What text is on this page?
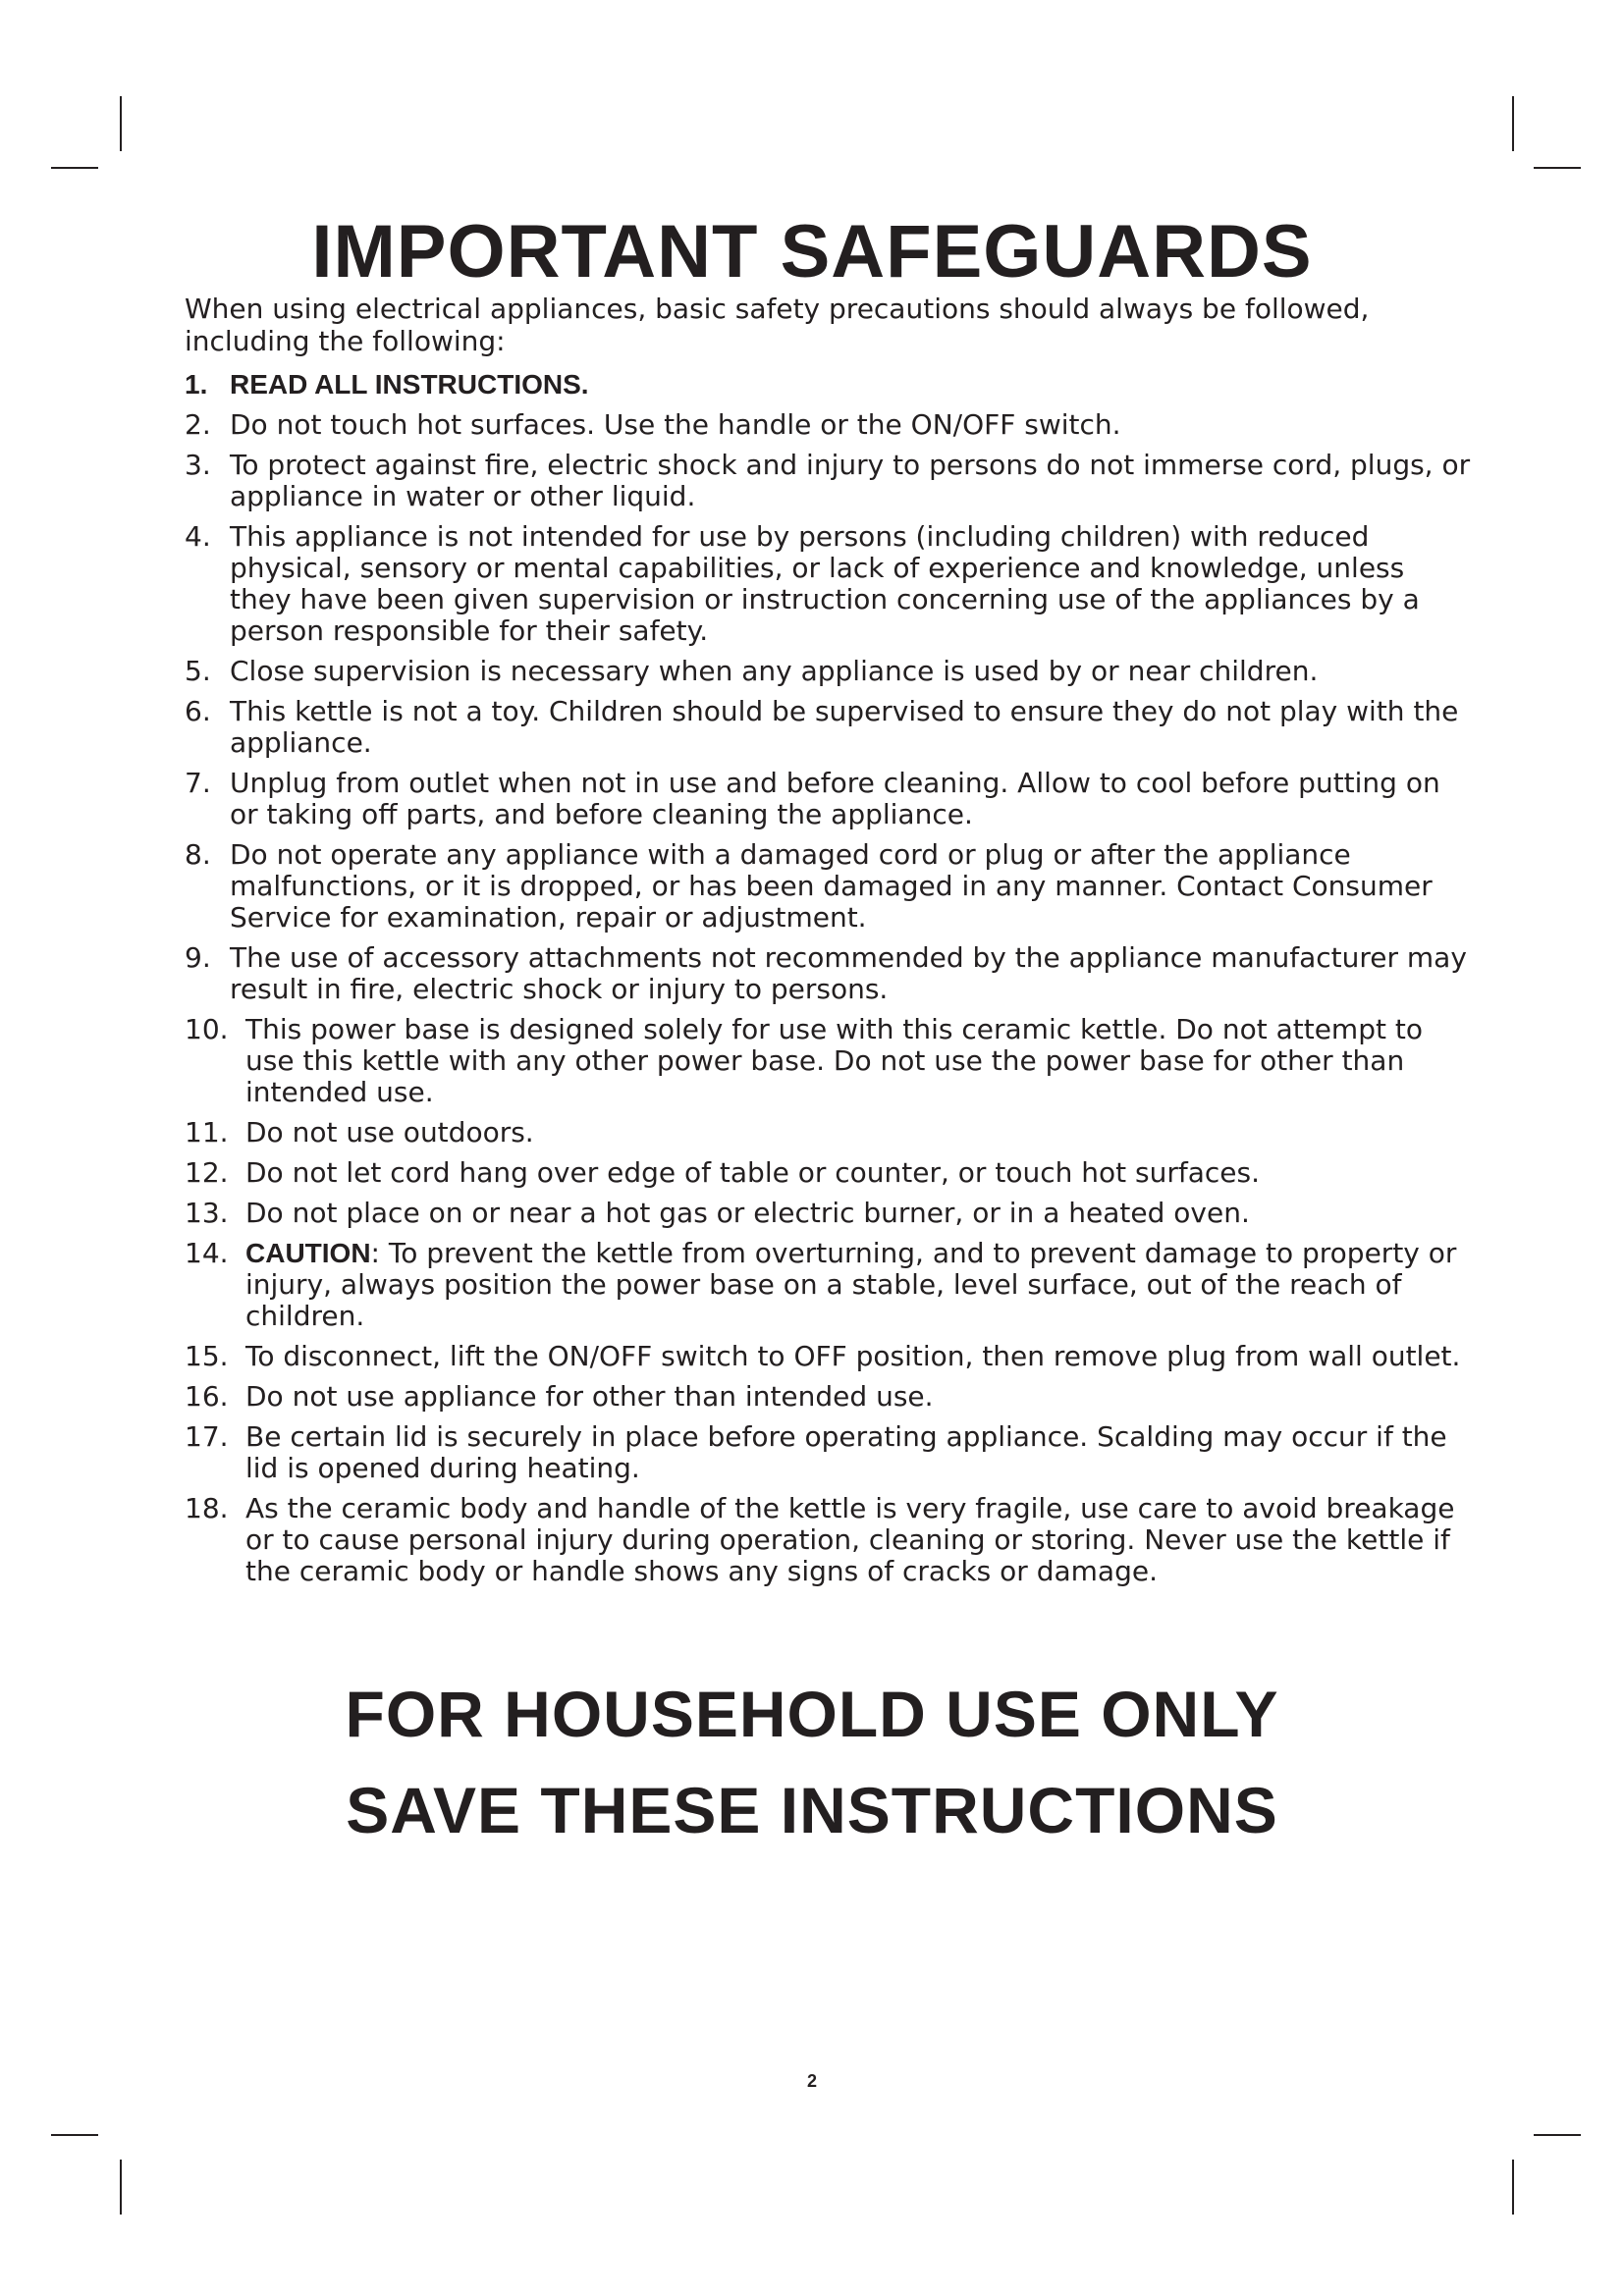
IMPORTANT SAFEGUARDS

When using electrical appliances, basic safety precautions should always be followed, including the following:

1. READ ALL INSTRUCTIONS.
2. Do not touch hot surfaces. Use the handle or the ON/OFF switch.
3. To protect against fire, electric shock and injury to persons do not immerse cord, plugs, or appliance in water or other liquid.
4. This appliance is not intended for use by persons (including children) with reduced physical, sensory or mental capabilities, or lack of experience and knowledge, unless they have been given supervision or instruction concerning use of the appliances by a person responsible for their safety.
5. Close supervision is necessary when any appliance is used by or near children.
6. This kettle is not a toy. Children should be supervised to ensure they do not play with the appliance.
7. Unplug from outlet when not in use and before cleaning. Allow to cool before putting on or taking off parts, and before cleaning the appliance.
8. Do not operate any appliance with a damaged cord or plug or after the appliance malfunctions, or it is dropped, or has been damaged in any manner. Contact Consumer Service for examination, repair or adjustment.
9. The use of accessory attachments not recommended by the appliance manufacturer may result in fire, electric shock or injury to persons.
10. This power base is designed solely for use with this ceramic kettle. Do not attempt to use this kettle with any other power base. Do not use the power base for other than intended use.
11. Do not use outdoors.
12. Do not let cord hang over edge of table or counter, or touch hot surfaces.
13. Do not place on or near a hot gas or electric burner, or in a heated oven.
14. CAUTION: To prevent the kettle from overturning, and to prevent damage to property or injury, always position the power base on a stable, level surface, out of the reach of children.
15. To disconnect, lift the ON/OFF switch to OFF position, then remove plug from wall outlet.
16. Do not use appliance for other than intended use.
17. Be certain lid is securely in place before operating appliance. Scalding may occur if the lid is opened during heating.
18. As the ceramic body and handle of the kettle is very fragile, use care to avoid breakage or to cause personal injury during operation, cleaning or storing. Never use the kettle if the ceramic body or handle shows any signs of cracks or damage.
FOR HOUSEHOLD USE ONLY
SAVE THESE INSTRUCTIONS
2
